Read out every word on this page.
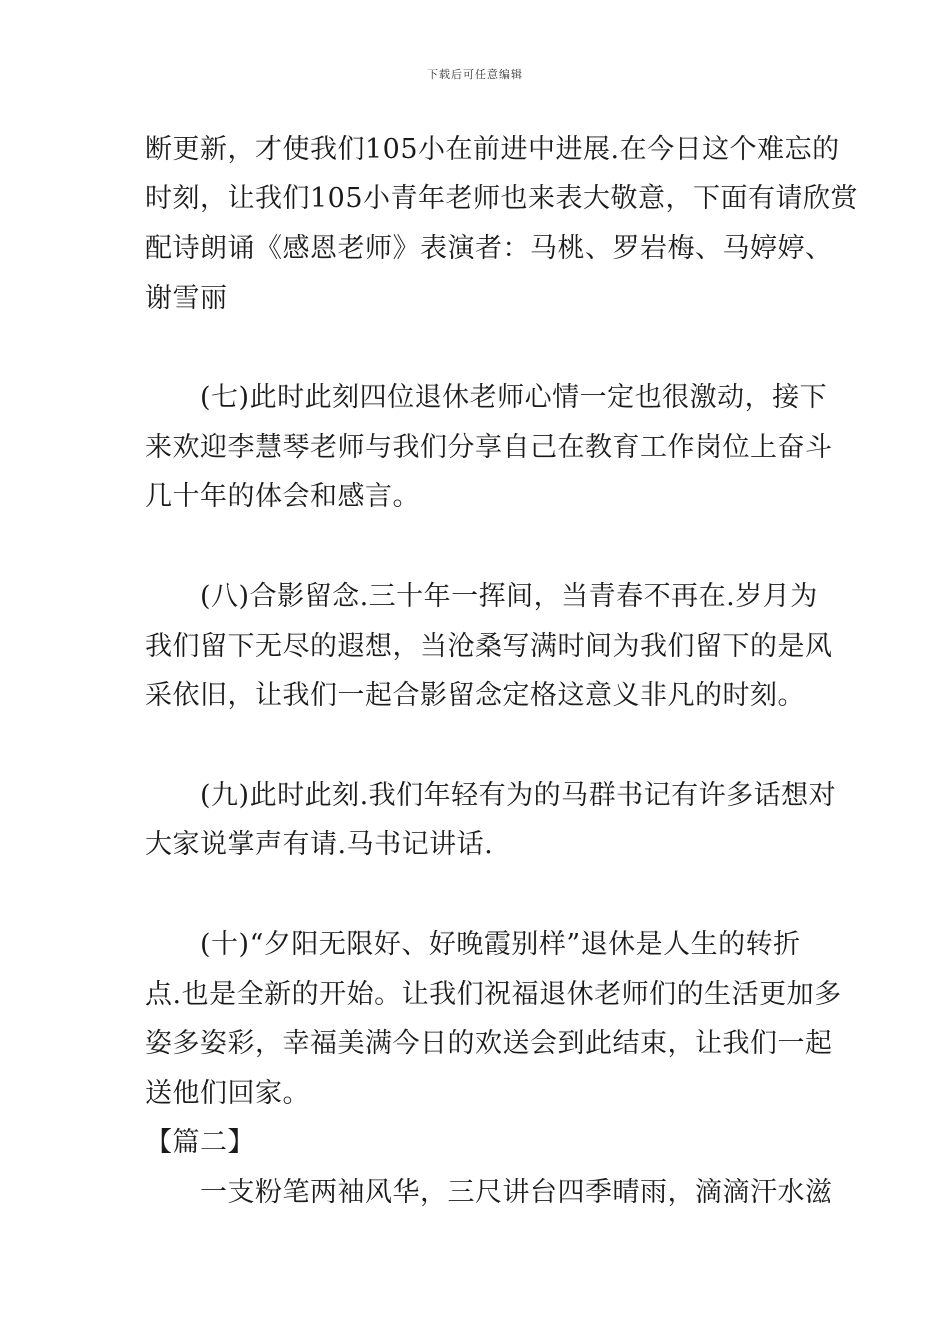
下载后可任意编辑
断更新，才使我们105小在前进中进展.在今日这个难忘的
时刻，让我们105小青年老师也来表大敬意，下面有请欣赏
配诗朗诵《感恩老师》表演者：马桃、罗岩梅、马婷婷、
谢雪丽
(七)此时此刻四位退休老师心情一定也很激动，接下
来欢迎李慧琴老师与我们分享自己在教育工作岗位上奋斗
几十年的体会和感言。
(八)合影留念.三十年一挥间，当青春不再在.岁月为
我们留下无尽的遐想，当沧桑写满时间为我们留下的是风
采依旧，让我们一起合影留念定格这意义非凡的时刻。
(九)此时此刻.我们年轻有为的马群书记有许多话想对
大家说掌声有请.马书记讲话.
(十)“夕阳无限好、好晚霞别样”退休是人生的转折
点.也是全新的开始。让我们祝福退休老师们的生活更加多
姿多姿彩，幸福美满今日的欢送会到此结束，让我们一起
送他们回家。
【篇二】
一支粉笔两袖风华，三尺讲台四季晴雨，滴滴汗水滋
